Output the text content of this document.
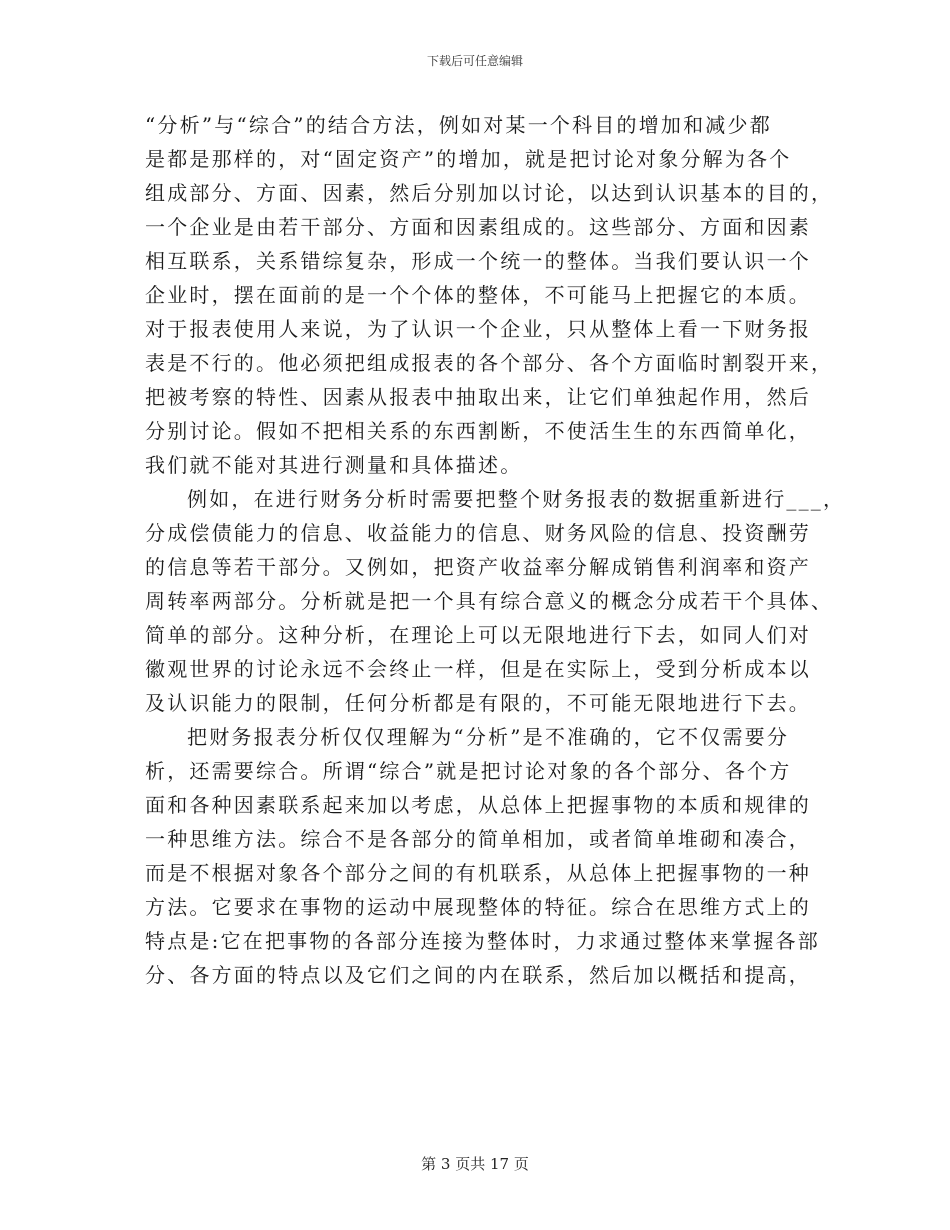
下载后可任意编辑
“分析”与“综合”的结合方法，例如对某一个科目的增加和减少都
是都是那样的，对“固定资产”的增加，就是把讨论对象分解为各个
组成部分、方面、因素，然后分别加以讨论，以达到认识基本的目的，
一个企业是由若干部分、方面和因素组成的。这些部分、方面和因素
相互联系，关系错综复杂，形成一个统一的整体。当我们要认识一个
企业时，摆在面前的是一个个体的整体，不可能马上把握它的本质。
对于报表使用人来说，为了认识一个企业，只从整体上看一下财务报
表是不行的。他必须把组成报表的各个部分、各个方面临时割裂开来，
把被考察的特性、因素从报表中抽取出来，让它们单独起作用，然后
分别讨论。假如不把相关系的东西割断，不使活生生的东西简单化，
我们就不能对其进行测量和具体描述。
例如，在进行财务分析时需要把整个财务报表的数据重新进行___，
分成偿债能力的信息、收益能力的信息、财务风险的信息、投资酬劳
的信息等若干部分。又例如，把资产收益率分解成销售利润率和资产
周转率两部分。分析就是把一个具有综合意义的概念分成若干个具体、
简单的部分。这种分析，在理论上可以无限地进行下去，如同人们对
徽观世界的讨论永远不会终止一样，但是在实际上，受到分析成本以
及认识能力的限制，任何分析都是有限的，不可能无限地进行下去。
把财务报表分析仅仅理解为“分析”是不准确的，它不仅需要分
析，还需要综合。所谓“综合”就是把讨论对象的各个部分、各个方
面和各种因素联系起来加以考虑，从总体上把握事物的本质和规律的
一种思维方法。综合不是各部分的简单相加，或者简单堆砌和凑合，
而是不根据对象各个部分之间的有机联系，从总体上把握事物的一种
方法。它要求在事物的运动中展现整体的特征。综合在思维方式上的
特点是:它在把事物的各部分连接为整体时，力求通过整体来掌握各部
分、各方面的特点以及它们之间的内在联系，然后加以概括和提高，
第 3 页共 17 页
